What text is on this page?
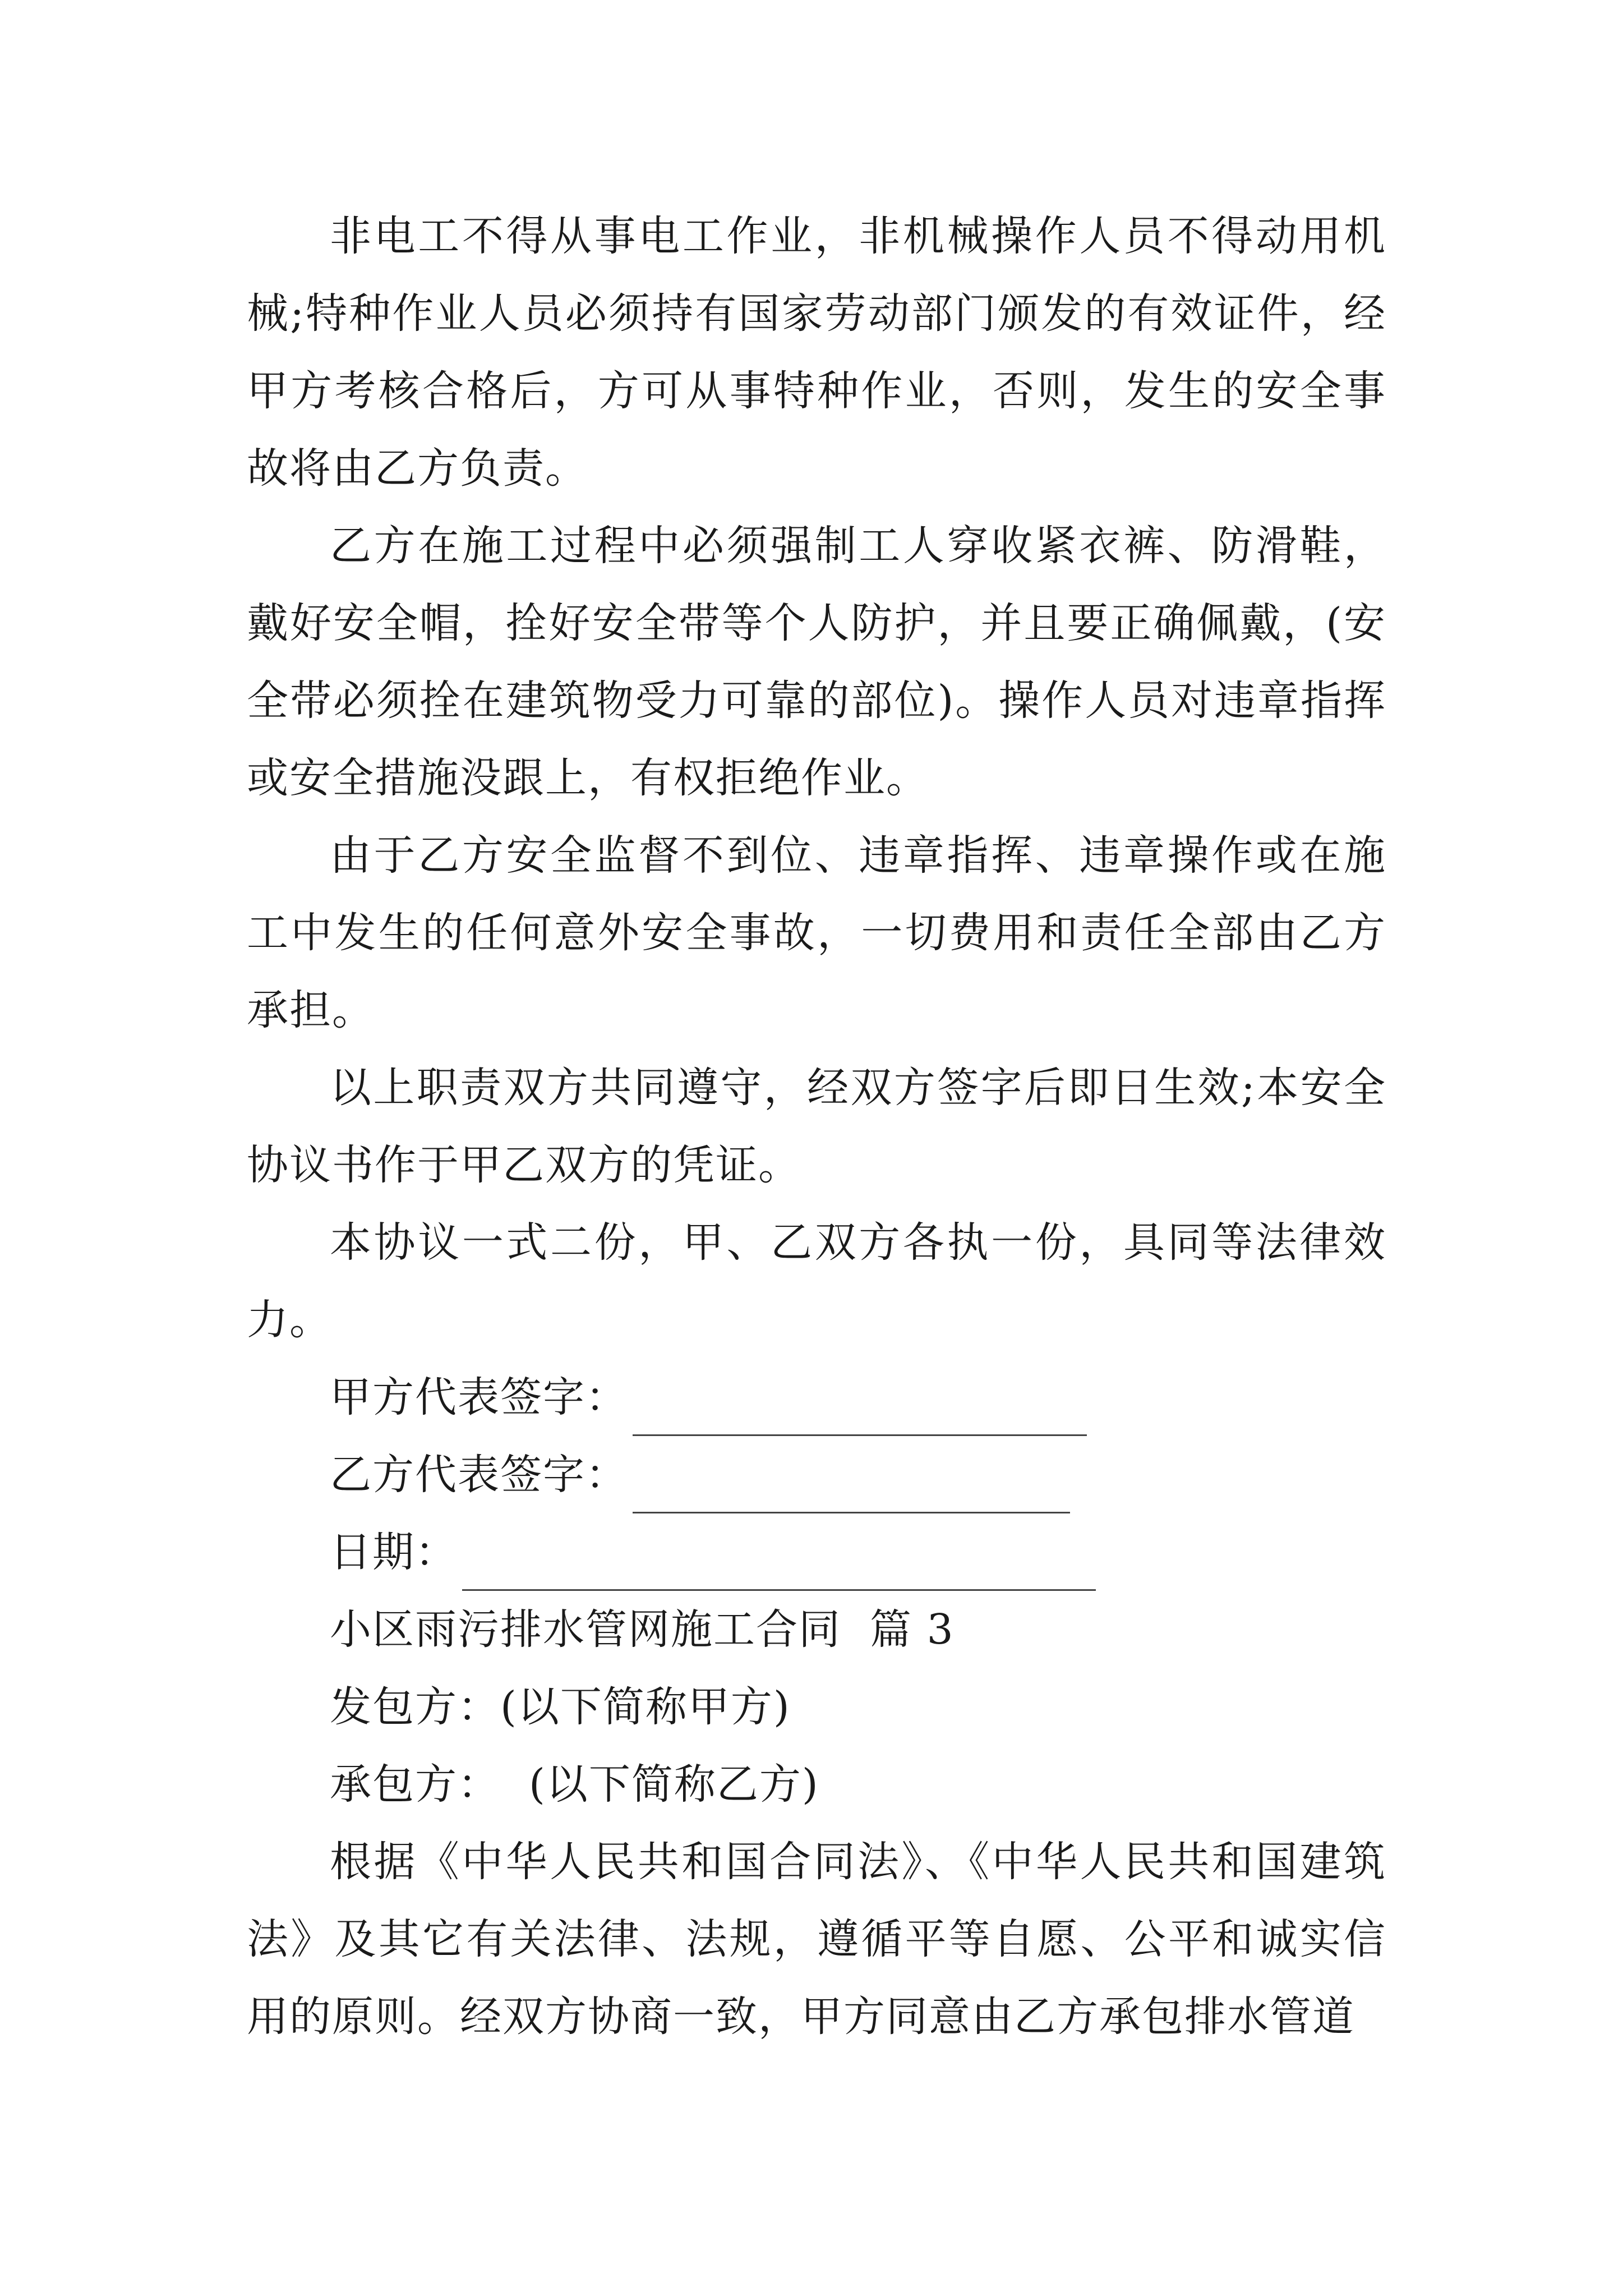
非电工不得从事电工作业，非机械操作人员不得动用机械;特种作业人员必须持有国家劳动部门颁发的有效证件，经甲方考核合格后，方可从事特种作业，否则，发生的安全事故将由乙方负责。

乙方在施工过程中必须强制工人穿收紧衣裤、防滑鞋，戴好安全帽，拴好安全带等个人防护，并且要正确佩戴，(安全带必须拴在建筑物受力可靠的部位)。操作人员对违章指挥或安全措施没跟上，有权拒绝作业。

由于乙方安全监督不到位、违章指挥、违章操作或在施工中发生的任何意外安全事故，一切费用和责任全部由乙方承担。

以上职责双方共同遵守，经双方签字后即日生效;本安全协议书作于甲乙双方的凭证。

本协议一式二份，甲、乙双方各执一份，具同等法律效力。

甲方代表签字：
乙方代表签字：
日期：
小区雨污排水管网施工合同  篇 3
发包方：(以下简称甲方)
承包方：  (以下简称乙方)

根据《中华人民共和国合同法》、《中华人民共和国建筑法》及其它有关法律、法规，遵循平等自愿、公平和诚实信用的原则。经双方协商一致，甲方同意由乙方承包排水管道
